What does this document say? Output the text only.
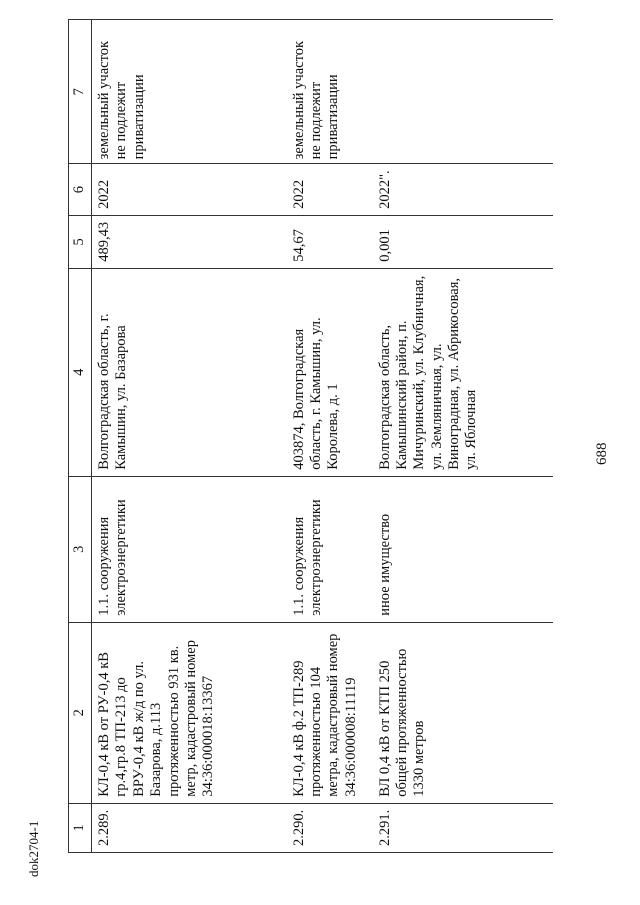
688
1	2	3	4	5	6	7
2.289.	КЛ-0,4 кВ от РУ-0,4 кВ гр.4,гр.8 ТП-213 до ВРУ-0,4 кВ ж/д по ул. Базарова, д.113 протяженностью 931 кв. метр, кадастровый номер 34:36:000018:13367	1.1. сооружения электроэнергетики	Волгоградская область, г. Камышин, ул. Базарова	489,43	2022	земельный участок не подлежит приватизации
2.290.	КЛ-0,4 кВ ф.2 ТП-289 протяженностью 104 метра, кадастровый номер 34:36:000008:11119	1.1. сооружения электроэнергетики	403874, Волгоградская область, г. Камышин, ул. Королева, д. 1	54,67	2022	земельный участок не подлежит приватизации
2.291.	ВЛ 0,4 кВ от КТП 250 общей протяженностью 1330 метров	иное имущество	Волгоградская область, Камышинский район, п. Мичуринский, ул. Клубничная, ул. Земляничная, ул. Виноградная, ул. Абрикосовая, ул. Яблочная	0,001	2022".	
dok2704-1
